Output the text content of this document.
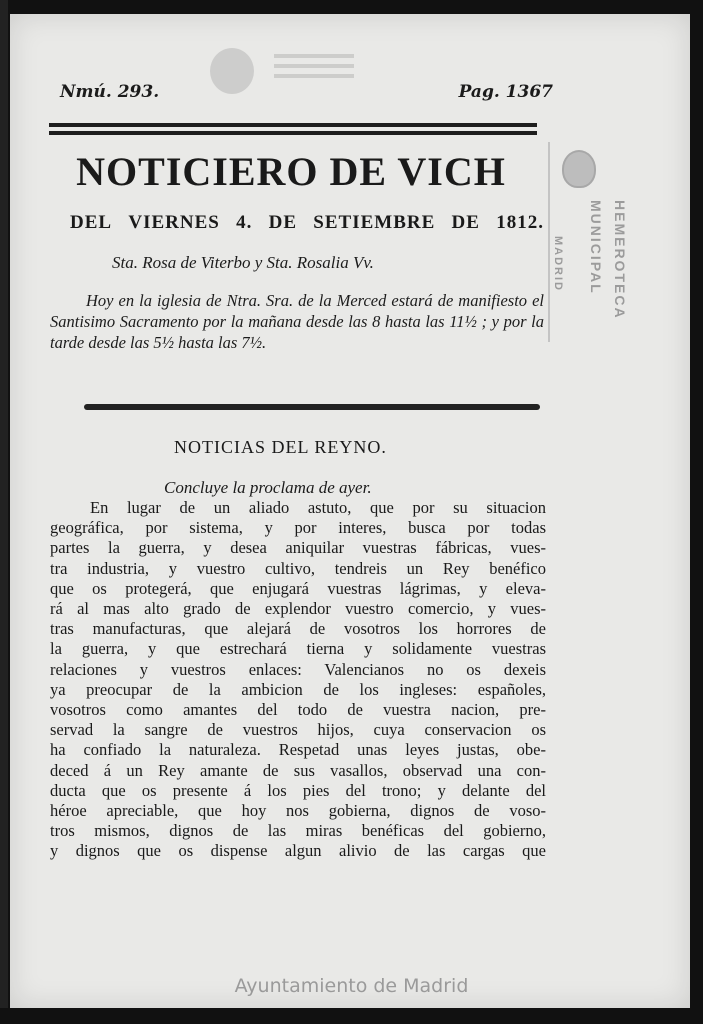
Nmú. 293.	Pag. 1367
NOTICIERO DE VICH
DEL VIERNES 4. DE SETIEMBRE DE 1812.
Sta. Rosa de Viterbo y Sta. Rosalia Vv.
Hoy en la iglesia de Ntra. Sra. de la Merced estará de manifiesto el Santisimo Sacramento por la mañana desde las 8 hasta las 11½ ; y por la tarde desde las 5½ hasta las 7½.
NOTICIAS DEL REYNO.
Concluye la proclama de ayer.
En lugar de un aliado astuto, que por su situacion
geográfica, por sistema, y por interes, busca por todas
partes la guerra, y desea aniquilar vuestras fábricas, vues-
tra industria, y vuestro cultivo, tendreis un Rey benéfico
que os protegerá, que enjugará vuestras lágrimas, y eleva-
rá al mas alto grado de explendor vuestro comercio, y vues-
tras manufacturas, que alejará de vosotros los horrores de
la guerra, y que estrechará tierna y solidamente vuestras
relaciones y vuestros enlaces: Valencianos no os dexeis
ya preocupar de la ambicion de los ingleses: españoles,
vosotros como amantes del todo de vuestra nacion, pre-
servad la sangre de vuestros hijos, cuya conservacion os
ha confiado la naturaleza. Respetad unas leyes justas, obe-
deced á un Rey amante de sus vasallos, observad una con-
ducta que os presente á los pies del trono; y delante del
héroe apreciable, que hoy nos gobierna, dignos de voso-
tros mismos, dignos de las miras benéficas del gobierno,
y dignos que os dispense algun alivio de las cargas que
MADRID MUNICIPAL HEMEROTECA
Ayuntamiento de Madrid
